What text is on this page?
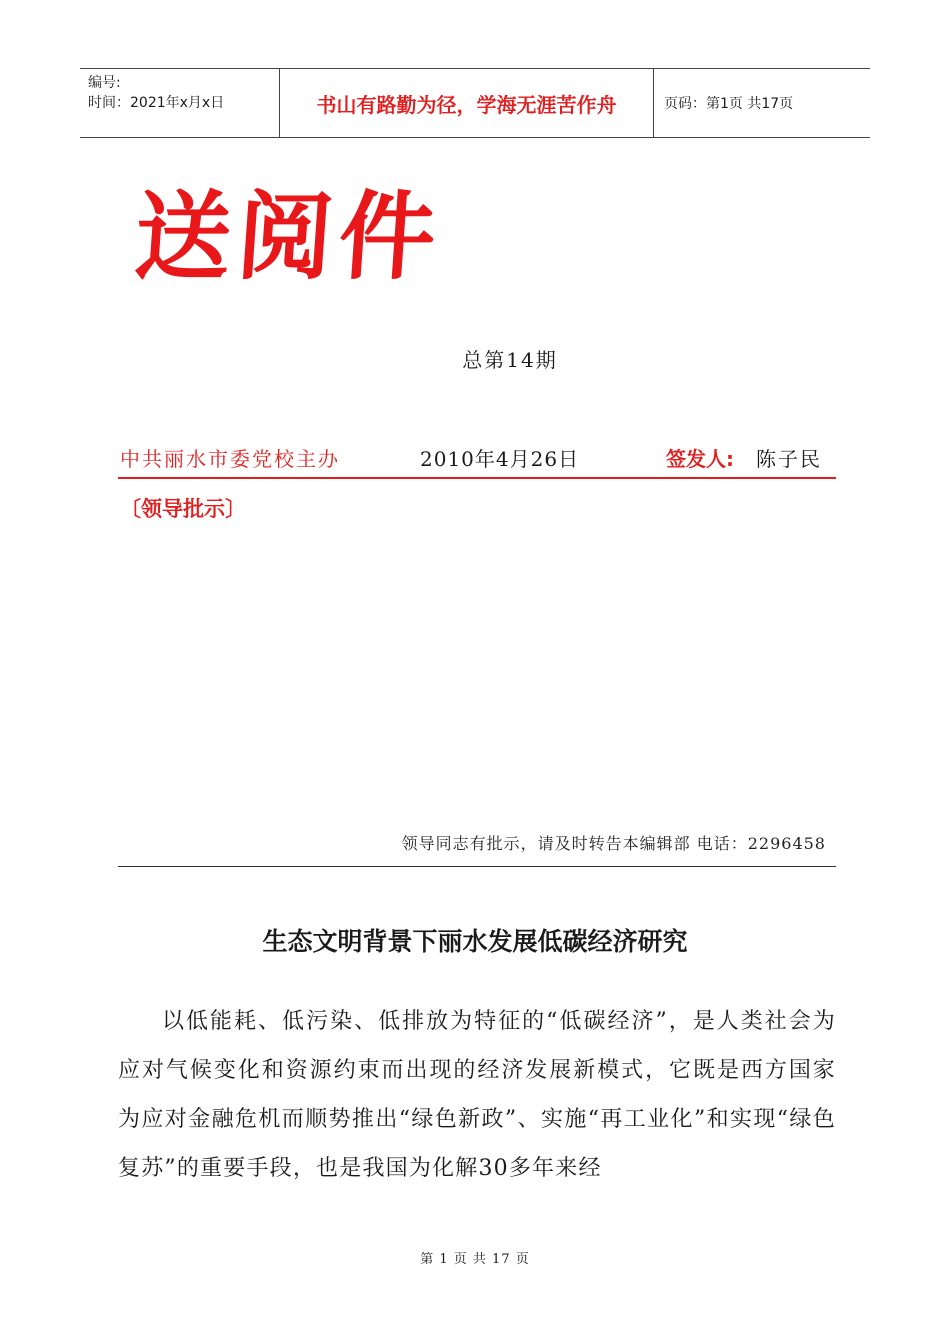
编号:
时间：2021年x月x日	书山有路勤为径，学海无涯苦作舟	页码：第1页 共17页
送阅件
总第14期
中共丽水市委党校主办	2010年4月26日	签发人: 陈子民
〔领导批示〕
领导同志有批示，请及时转告本编辑部 电话：2296458
生态文明背景下丽水发展低碳经济研究
以低能耗、低污染、低排放为特征的“低碳经济”，是人类社会为应对气候变化和资源约束而出现的经济发展新模式，它既是西方国家为应对金融危机而顺势推出“绿色新政”、实施“再工业化”和实现“绿色复苏”的重要手段，也是我国为化解30多年来经
第 1 页 共 17 页
